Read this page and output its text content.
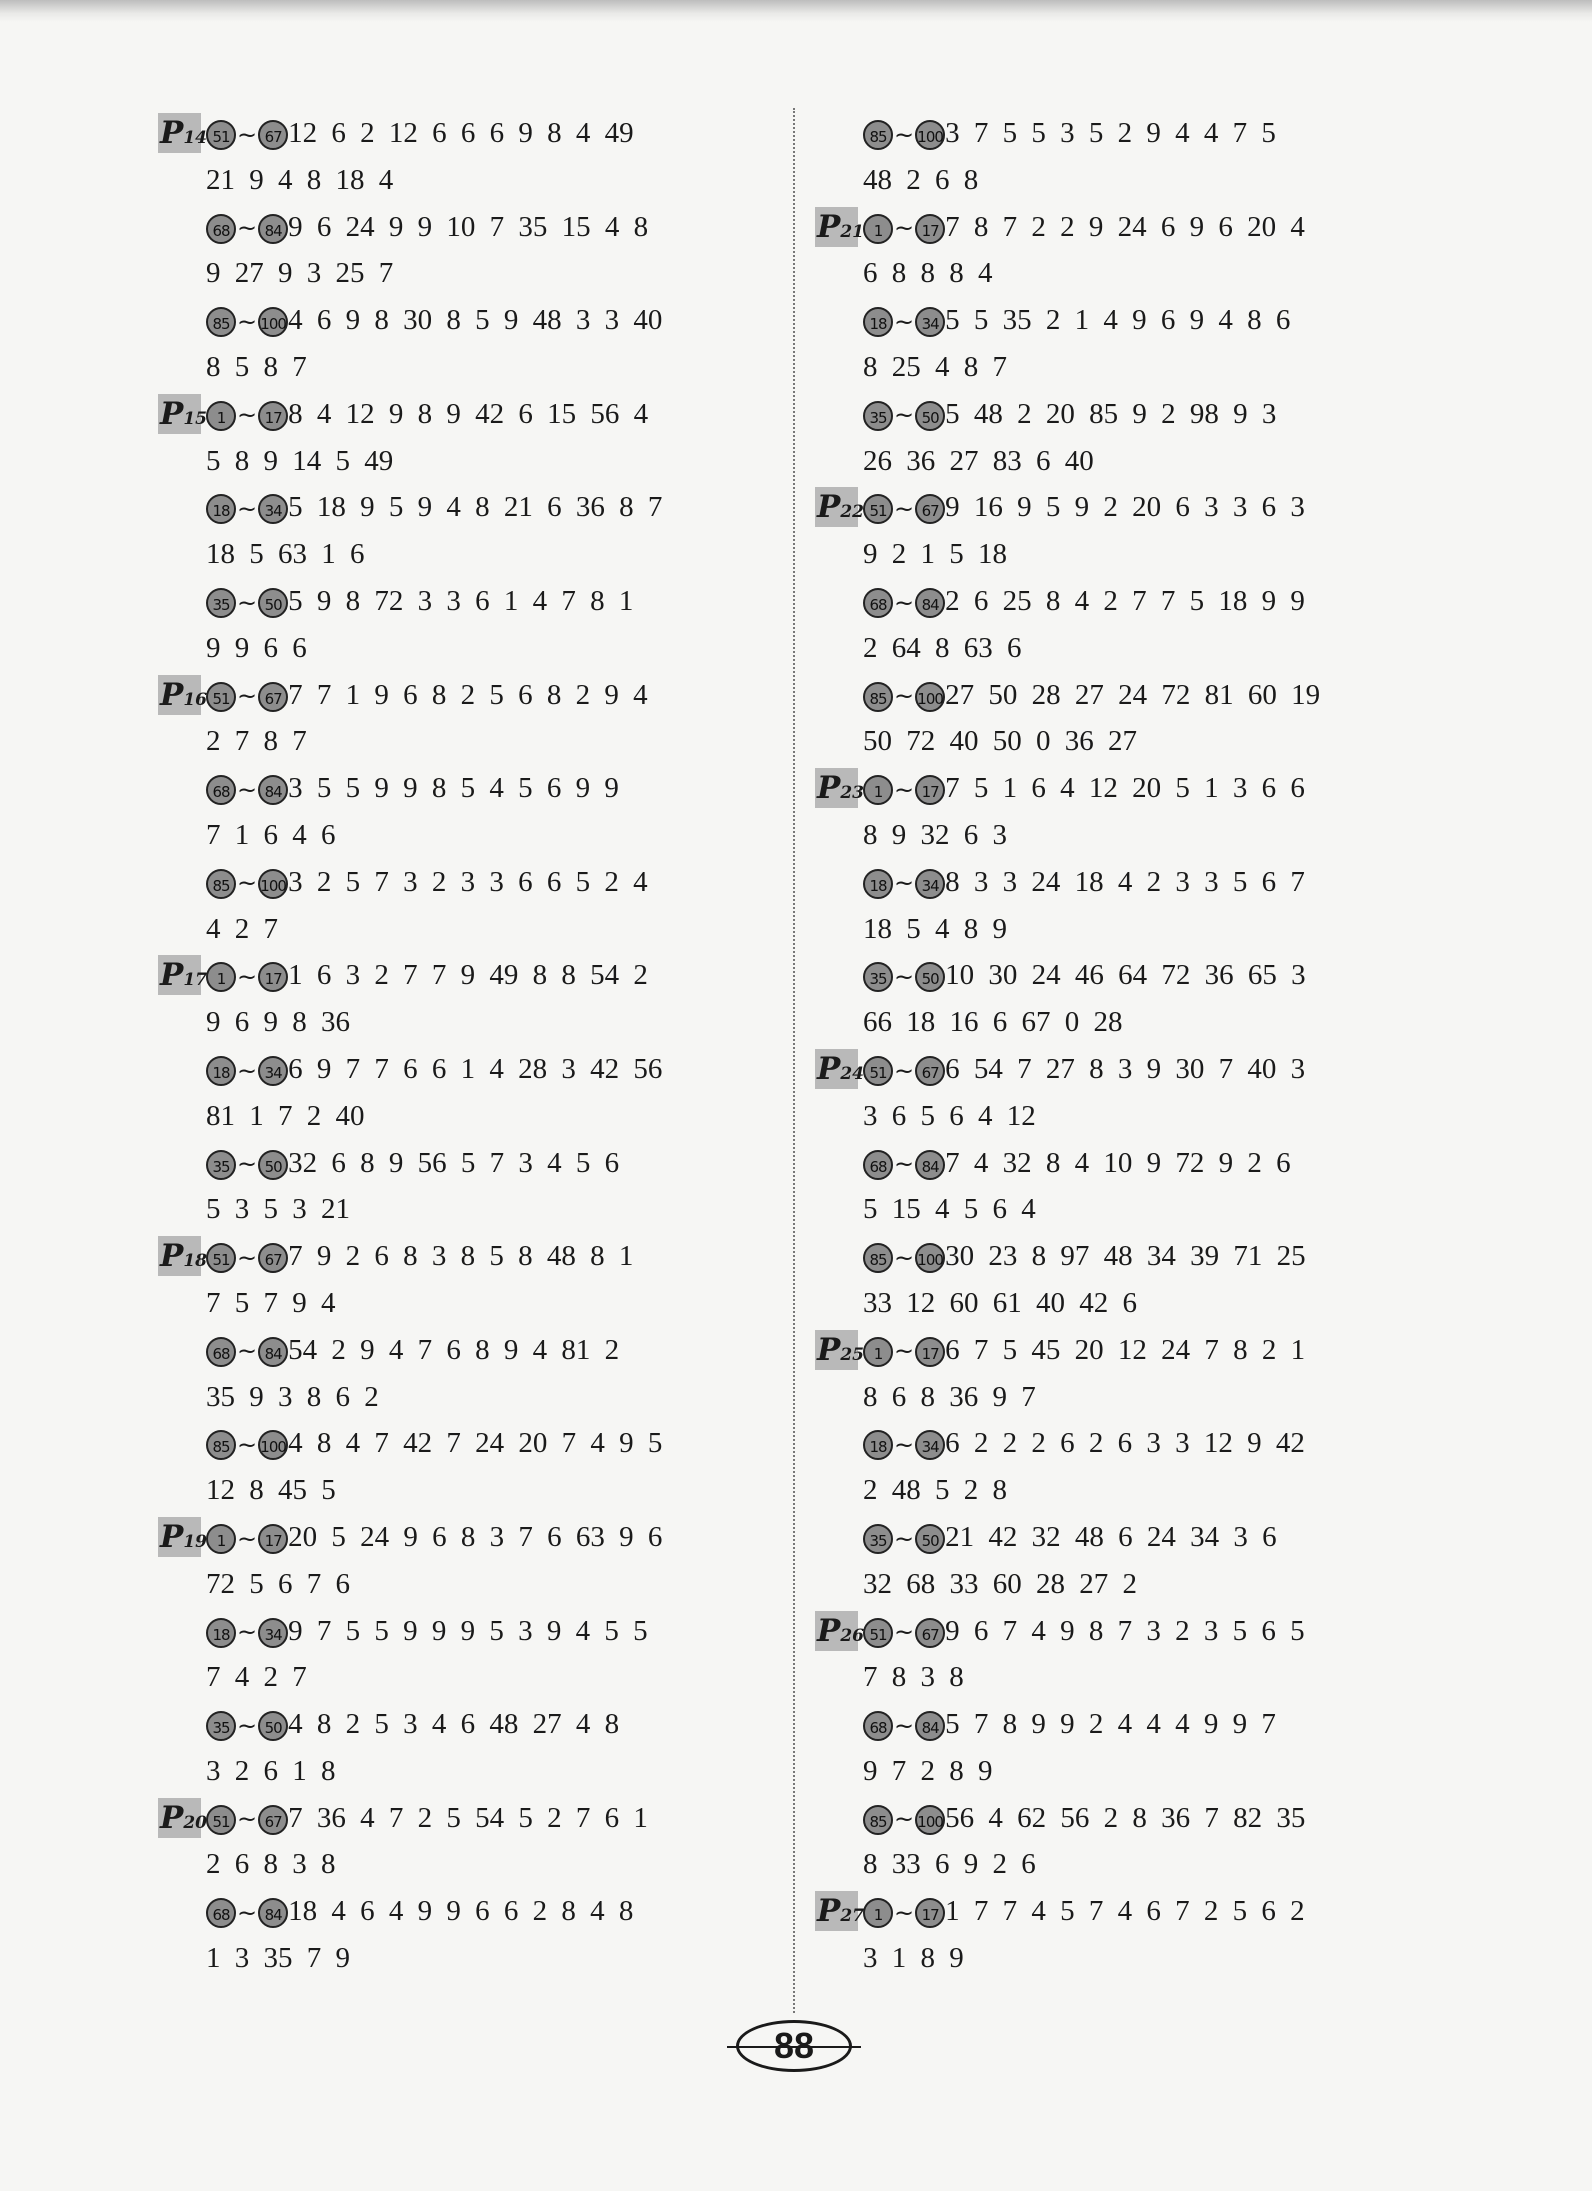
P14 51 ~ 67 12 6 2 12 6 6 6 9 8 4 49
21 9 4 8 18 4
68 ~ 84 9 6 24 9 9 10 7 35 15 4 8
9 27 9 3 25 7
85 ~ 1004 6 9 8 30 8 5 9 48 3 3 40
8 5 8 7
P15 1 ~ 17 8 4 12 9 8 9 42 6 15 56 4
5 8 9 14 5 49
18 ~ 34 5 18 9 5 9 4 8 21 6 36 8 7
18 5 63 1 6
35 ~ 50 5 9 8 72 3 3 6 1 4 7 8 1
9 9 6 6
P16 51 ~ 67 7 7 1 9 6 8 2 5 6 8 2 9 4
2 7 8 7
68 ~ 84 3 5 5 9 9 8 5 4 5 6 9 9
7 1 6 4 6
85 ~ 1003 2 5 7 3 2 3 3 6 6 5 2 4
4 2 7
P17 1 ~ 17 1 6 3 2 7 7 9 49 8 8 54 2
9 6 9 8 36
18 ~ 34 6 9 7 7 6 6 1 4 28 3 42 56
81 1 7 2 40
35 ~ 50 32 6 8 9 56 5 7 3 4 5 6
5 3 5 3 21
P18 51 ~ 67 7 9 2 6 8 3 8 5 8 48 8 1
7 5 7 9 4
68 ~ 84 54 2 9 4 7 6 8 9 4 81 2
35 9 3 8 6 2
85 ~ 1004 8 4 7 42 7 24 20 7 4 9 5
12 8 45 5
P19 1 ~ 17 20 5 24 9 6 8 3 7 6 63 9 6
72 5 6 7 6
18 ~ 34 9 7 5 5 9 9 9 5 3 9 4 5 5
7 4 2 7
35 ~ 50 4 8 2 5 3 4 6 48 27 4 8
3 2 6 1 8
P20 51 ~ 67 7 36 4 7 2 5 54 5 2 7 6 1
2 6 8 3 8
68 ~ 84 18 4 6 4 9 9 6 6 2 8 4 8
1 3 35 7 9
85 ~ 1003 7 5 5 3 5 2 9 4 4 7 5
48 2 6 8
P21 1 ~ 17 7 8 7 2 2 9 24 6 9 6 20 4
6 8 8 8 4
18 ~ 34 5 5 35 2 1 4 9 6 9 4 8 6
8 25 4 8 7
35 ~ 50 5 48 2 20 85 9 2 98 9 3
26 36 27 83 6 40
P22 51 ~ 67 9 16 9 5 9 2 20 6 3 3 6 3
9 2 1 5 18
68 ~ 84 2 6 25 8 4 2 7 7 5 18 9 9
2 64 8 63 6
85 ~ 10027 50 28 27 24 72 81 60 19
50 72 40 50 0 36 27
P23 1 ~ 17 7 5 1 6 4 12 20 5 1 3 6 6
8 9 32 6 3
18 ~ 34 8 3 3 24 18 4 2 3 3 5 6 7
18 5 4 8 9
35 ~ 50 10 30 24 46 64 72 36 65 3
66 18 16 6 67 0 28
P24 51 ~ 67 6 54 7 27 8 3 9 30 7 40 3
3 6 5 6 4 12
68 ~ 84 7 4 32 8 4 10 9 72 9 2 6
5 15 4 5 6 4
85 ~ 10030 23 8 97 48 34 39 71 25
33 12 60 61 40 42 6
P25 1 ~ 17 6 7 5 45 20 12 24 7 8 2 1
8 6 8 36 9 7
18 ~ 34 6 2 2 2 6 2 6 3 3 12 9 42
2 48 5 2 8
35 ~ 50 21 42 32 48 6 24 34 3 6
32 68 33 60 28 27 2
P26 51 ~ 67 9 6 7 4 9 8 7 3 2 3 5 6 5
7 8 3 8
68 ~ 84 5 7 8 9 9 2 4 4 4 9 9 7
9 7 2 8 9
85 ~ 10056 4 62 56 2 8 36 7 82 35
8 33 6 9 2 6
P27 1 ~ 17 1 7 7 4 5 7 4 6 7 2 5 6 2
3 1 8 9
88
